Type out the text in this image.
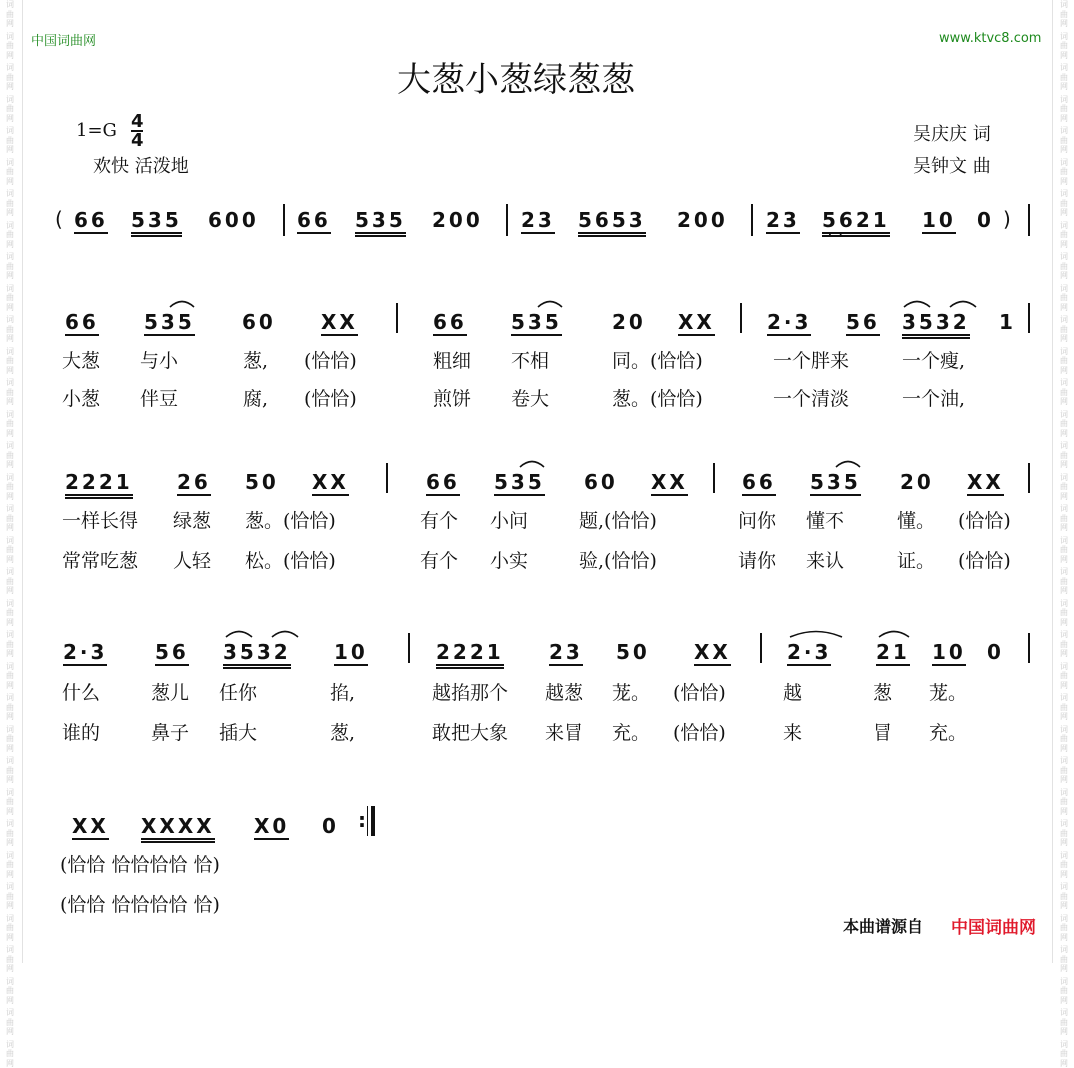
词
曲
网
词
曲
网
词
曲
网
词
曲
网
词
曲
网
词
曲
网
词
曲
网
词
曲
网
词
曲
网
词
曲
网
词
曲
网
词
曲
网
词
曲
网
词
曲
网
词
曲
网
词
曲
网
词
曲
网
词
曲
网
词
曲
网
词
曲
网
词
曲
网
词
曲
网
词
曲
网
词
曲
网
词
曲
网
词
曲
网
词
曲
网
词
曲
网
词
曲
网
词
曲
网
词
曲
网
词
曲
网
词
曲
网
词
曲
网
词
曲
网
词
曲
网
词
曲
网
词
曲
网
词
曲
网
词
曲
网
词
曲
网
词
曲
网
词
曲
网
词
曲
网
词
曲
网
词
曲
网
词
曲
网
词
曲
网
词
曲
网
词
曲
网
词
曲
网
词
曲
网
词
曲
网
词
曲
网
词
曲
网
词
曲
网
词
曲
网
词
曲
网
词
曲
网
词
曲
网
词
曲
网
词
曲
网
词
曲
网
词
曲
网
词
曲
网
词
曲
网
词
曲
网
词
曲
网
中国词曲网	www.ktvc8.com
大葱小葱绿葱葱
1=G 4
4
欢快 活泼地
吴庆庆 词
吴钟文 曲
( 66 535 600 66 535 200 23 5653 200 23 5621
·  ·
10 0 )
66 535 60 XX	66 535	20 XX	2·3 56 3532 1
大葱 与小	葱, (恰恰)	粗细 不相	同。(恰恰)	一个胖来	一个瘦,
小葱 伴豆	腐, (恰恰)	煎饼 卷大	葱。(恰恰)	一个清淡	一个油,
2221 26 50 XX	66 535 60 XX	66 535 20 XX
一样长得 绿葱 葱。(恰恰)	有个 小问	题,(恰恰)	问你 懂不	懂。 (恰恰)
常常吃葱 人轻 松。(恰恰)	有个 小实	验,(恰恰)	请你 来认	证。 (恰恰)
2·3 56 3532 10	2221 23 50 XX	2·3 21 10 0
什么	葱儿 任你	掐,	越掐那个 越葱 茏。 (恰恰)	越	葱 茏。
谁的	鼻子 插大	葱,	敢把大象 来冒 充。 (恰恰)	来	冒 充。
XX XXXX X0 0 :
(恰恰 恰恰恰恰 恰)
(恰恰 恰恰恰恰 恰)
本曲谱源自 中国词曲网
